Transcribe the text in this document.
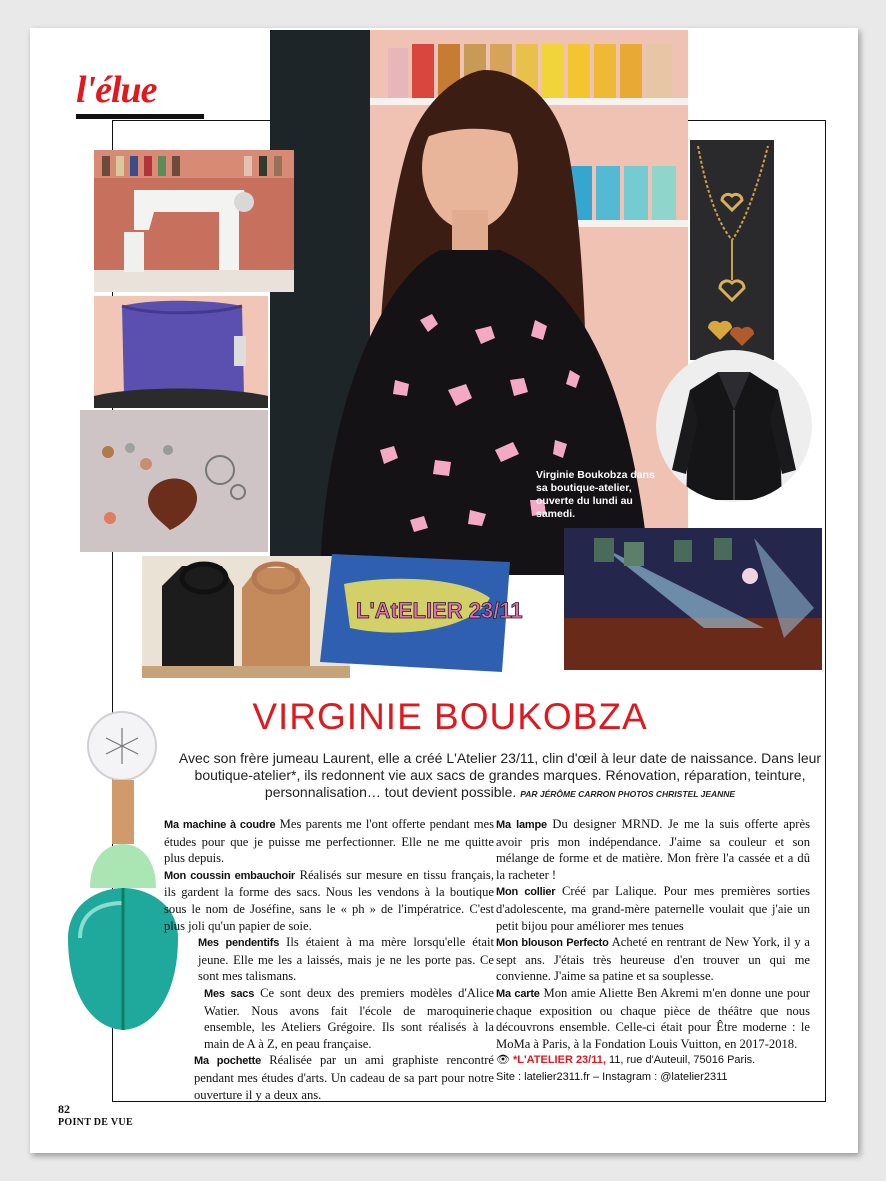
l'élue
L'AtELIER 23/11
Virginie Boukobza dans sa boutique-atelier, ouverte du lundi au samedi.
VIRGINIE BOUKOBZA
Avec son frère jumeau Laurent, elle a créé L'Atelier 23/11, clin d'œil à leur date de naissance. Dans leur boutique-atelier*, ils redonnent vie aux sacs de grandes marques. Rénovation, réparation, teinture, personnalisation… tout devient possible. PAR JÉRÔME CARRON PHOTOS CHRISTEL JEANNE

Ma machine à coudre Mes parents me l'ont offerte pendant mes études pour que je puisse me perfectionner. Elle ne me quitte plus depuis.

Mon coussin embauchoir Réalisés sur mesure en tissu français, ils gardent la forme des sacs. Nous les vendons à la boutique sous le nom de Joséfine, sans le « ph » de l'impératrice. C'est plus joli qu'un papier de soie.

Mes pendentifs Ils étaient à ma mère lorsqu'elle était jeune. Elle me les a laissés, mais je ne les porte pas. Ce sont mes talismans.

Mes sacs Ce sont deux des premiers modèles d'Alice Watier. Nous avons fait l'école de maroquinerie ensemble, les Ateliers Grégoire. Ils sont réalisés à la main de A à Z, en peau française.

Ma pochette Réalisée par un ami graphiste rencontré pendant mes études d'arts. Un cadeau de sa part pour notre ouverture il y a deux ans.

Ma lampe Du designer MRND. Je me la suis offerte après avoir pris mon indépendance. J'aime sa couleur et son mélange de forme et de matière. Mon frère l'a cassée et a dû la racheter !

Mon collier Créé par Lalique. Pour mes premières sorties d'adolescente, ma grand-mère paternelle voulait que j'aie un petit bijou pour améliorer mes tenues

Mon blouson Perfecto Acheté en rentrant de New York, il y a sept ans. J'étais très heureuse d'en trouver un qui me convienne. J'aime sa patine et sa souplesse.

Ma carte Mon amie Aliette Ben Akremi m'en donne une pour chaque exposition ou chaque pièce de théâtre que nous découvrons ensemble. Celle-ci était pour Être moderne : le MoMa à Paris, à la Fondation Louis Vuitton, en 2017-2018.

👁 *L'ATELIER 23/11, 11, rue d'Auteuil, 75016 Paris.
Site : latelier2311.fr – Instagram : @latelier2311

82
POINT DE VUE
